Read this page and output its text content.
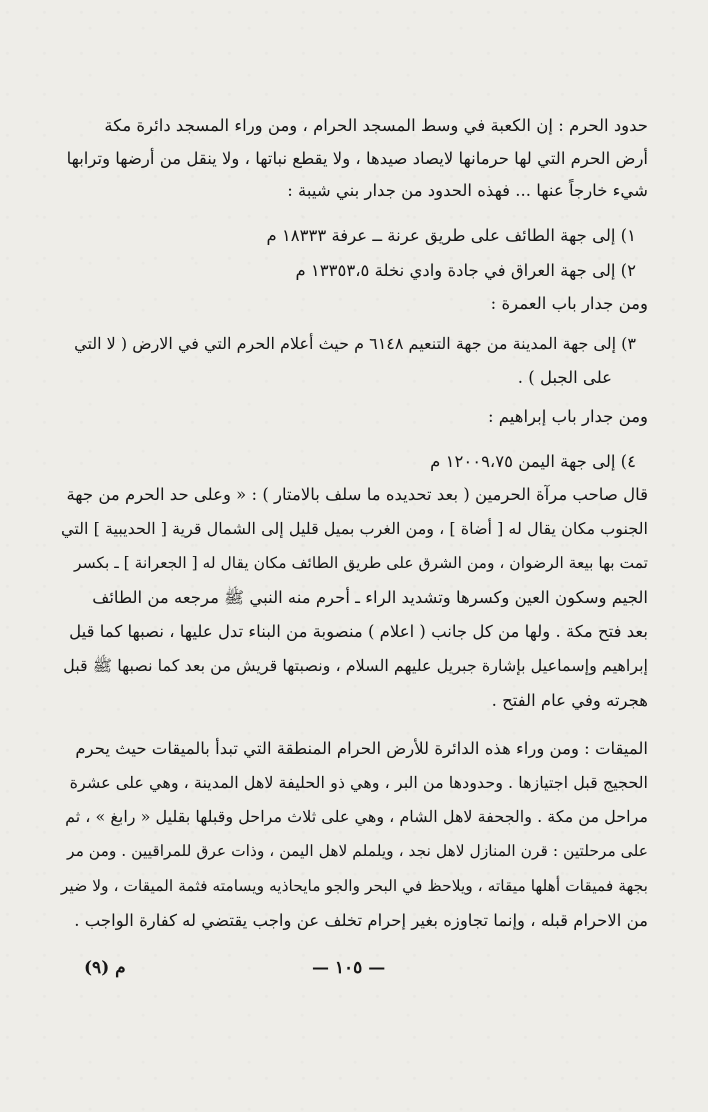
حدود الحرم : إن الكعبة في وسط المسجد الحرام ، ومن وراء المسجد دائرة مكة
أرض الحرم التي لها حرمانها لايصاد صيدها ، ولا يقطع نباتها ، ولا ينقل من أرضها وترابها
شيء خارجاً عنها ... فهذه الحدود من جدار بني شيبة :
١) إلى جهة الطائف على طريق عرنة ــ عرفة ١٨٣٣٣ م
٢) إلى جهة العراق في جادة وادي نخلة ١٣٣٥٣،٥ م
ومن جدار باب العمرة :
٣) إلى جهة المدينة من جهة التنعيم ٦١٤٨ م حيث أعلام الحرم التي في الارض ( لا التي
على الجبل ) .
ومن جدار باب إبراهيم :
٤) إلى جهة اليمن ١٢٠٠٩،٧٥ م
قال صاحب مرآة الحرمين ( بعد تحديده ما سلف بالامتار ) : « وعلى حد الحرم من جهة
الجنوب مكان يقال له [ أضاة ] ، ومن الغرب بميل قليل إلى الشمال قرية [ الحديبية ] التي
تمت بها بيعة الرضوان ، ومن الشرق على طريق الطائف مكان يقال له [ الجعرانة ] ـ بكسر
الجيم وسكون العين وكسرها وتشديد الراء ـ أحرم منه النبي ﷺ مرجعه من الطائف
بعد فتح مكة . ولها من كل جانب ( اعلام ) منصوبة من البناء تدل عليها ، نصبها كما قيل
إبراهيم وإسماعيل بإشارة جبريل عليهم السلام ، ونصبتها قريش من بعد كما نصبها ﷺ قبل
هجرته وفي عام الفتح .
الميقات : ومن وراء هذه الدائرة للأرض الحرام المنطقة التي تبدأ بالميقات حيث يحرم
الحجيج قبل اجتيازها . وحدودها من البر ، وهي ذو الحليفة لاهل المدينة ، وهي على عشرة
مراحل من مكة . والجحفة لاهل الشام ، وهي على ثلاث مراحل وقبلها بقليل « رابغ » ، ثم
على مرحلتين : قرن المنازل لاهل نجد ، ويلملم لاهل اليمن ، وذات عرق للمراقيين . ومن مر
بجهة فميقات أهلها ميقاته ، ويلاحظ في البحر والجو مايحاذيه ويسامته فثمة الميقات ، ولا ضير
من الاحرام قبله ، وإنما تجاوزه بغير إحرام تخلف عن واجب يقتضي له كفارة الواجب .
— ١٠٥ —
م (٩)
